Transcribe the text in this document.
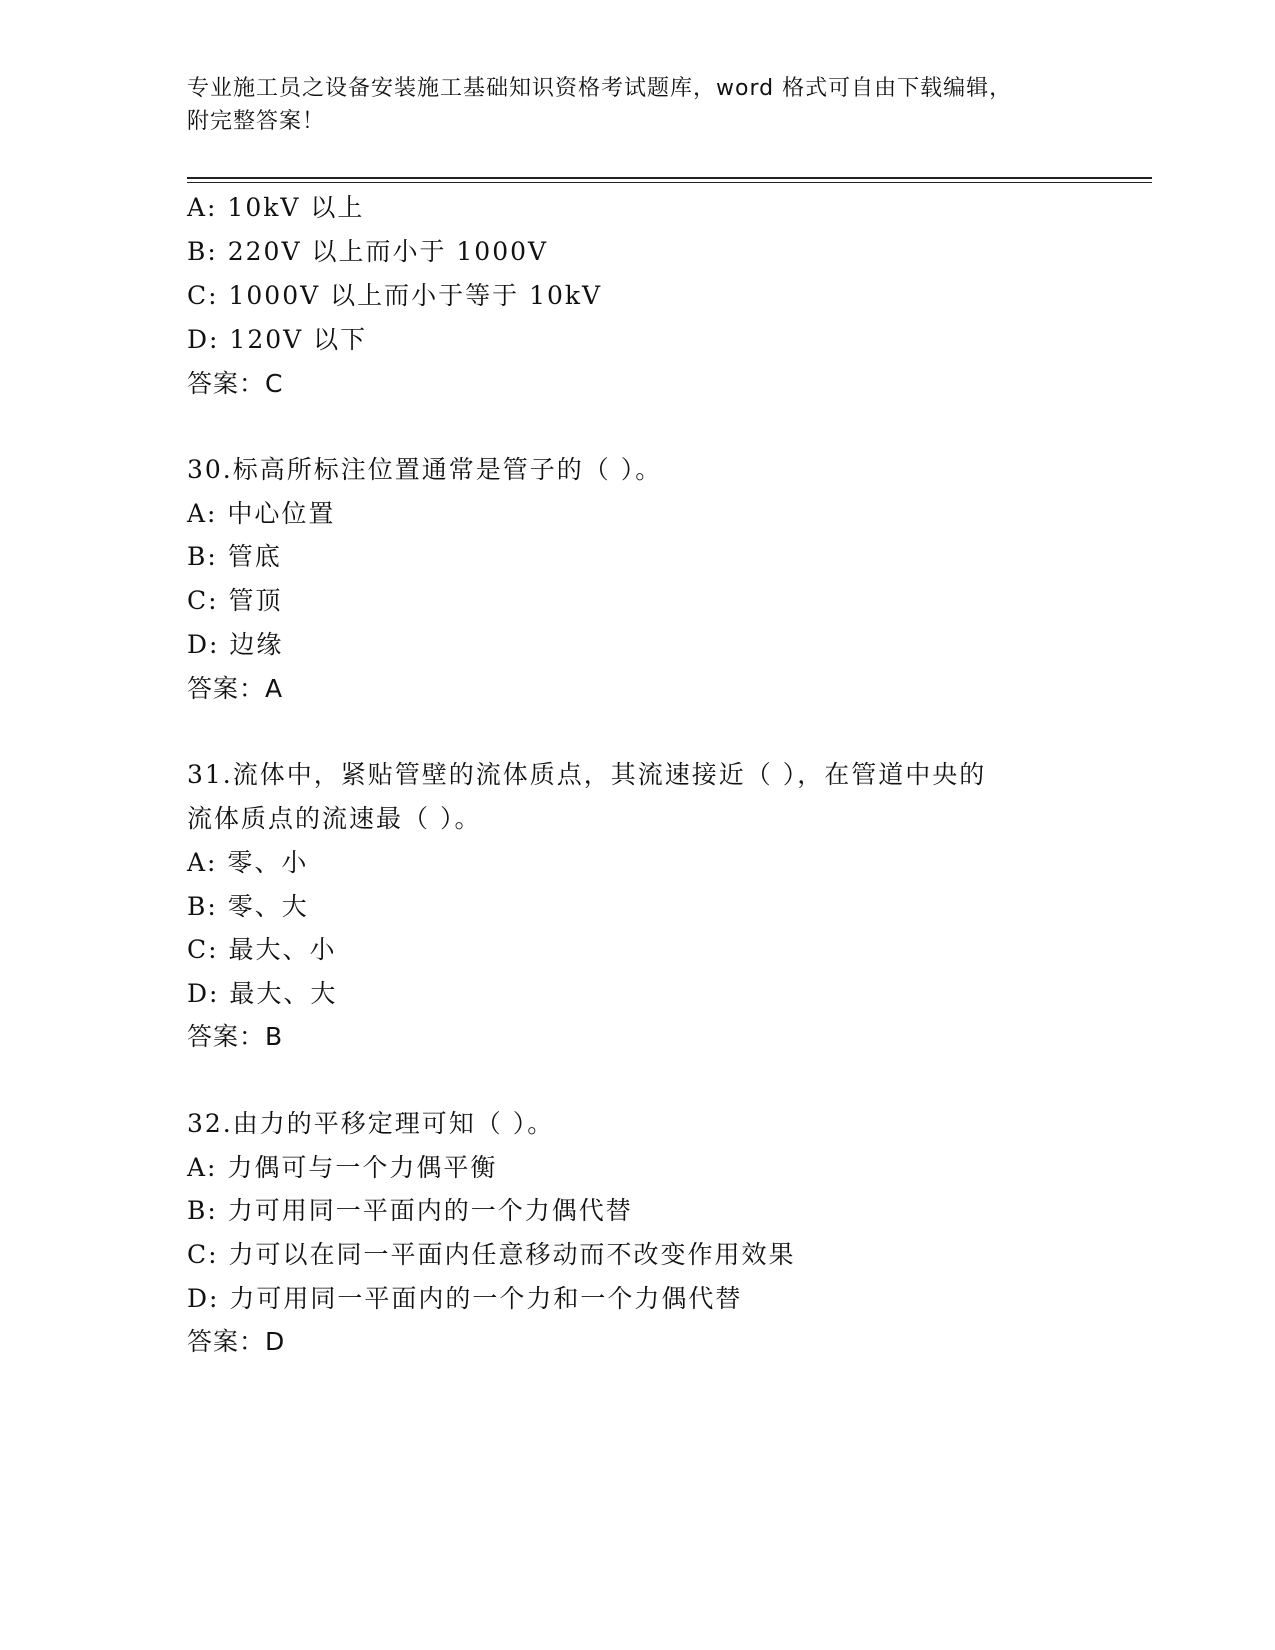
专业施工员之设备安装施工基础知识资格考试题库，word 格式可自由下载编辑，
附完整答案！
A: 10kV 以上
B: 220V 以上而小于 1000V
C: 1000V 以上而小于等于 10kV
D: 120V 以下
答案：C
30.标高所标注位置通常是管子的（ ）。
A: 中心位置
B: 管底
C: 管顶
D: 边缘
答案：A
31.流体中，紧贴管壁的流体质点，其流速接近（ ），在管道中央的
流体质点的流速最（ ）。
A: 零、小
B: 零、大
C: 最大、小
D: 最大、大
答案：B
32.由力的平移定理可知（ ）。
A: 力偶可与一个力偶平衡
B: 力可用同一平面内的一个力偶代替
C: 力可以在同一平面内任意移动而不改变作用效果
D: 力可用同一平面内的一个力和一个力偶代替
答案：D
